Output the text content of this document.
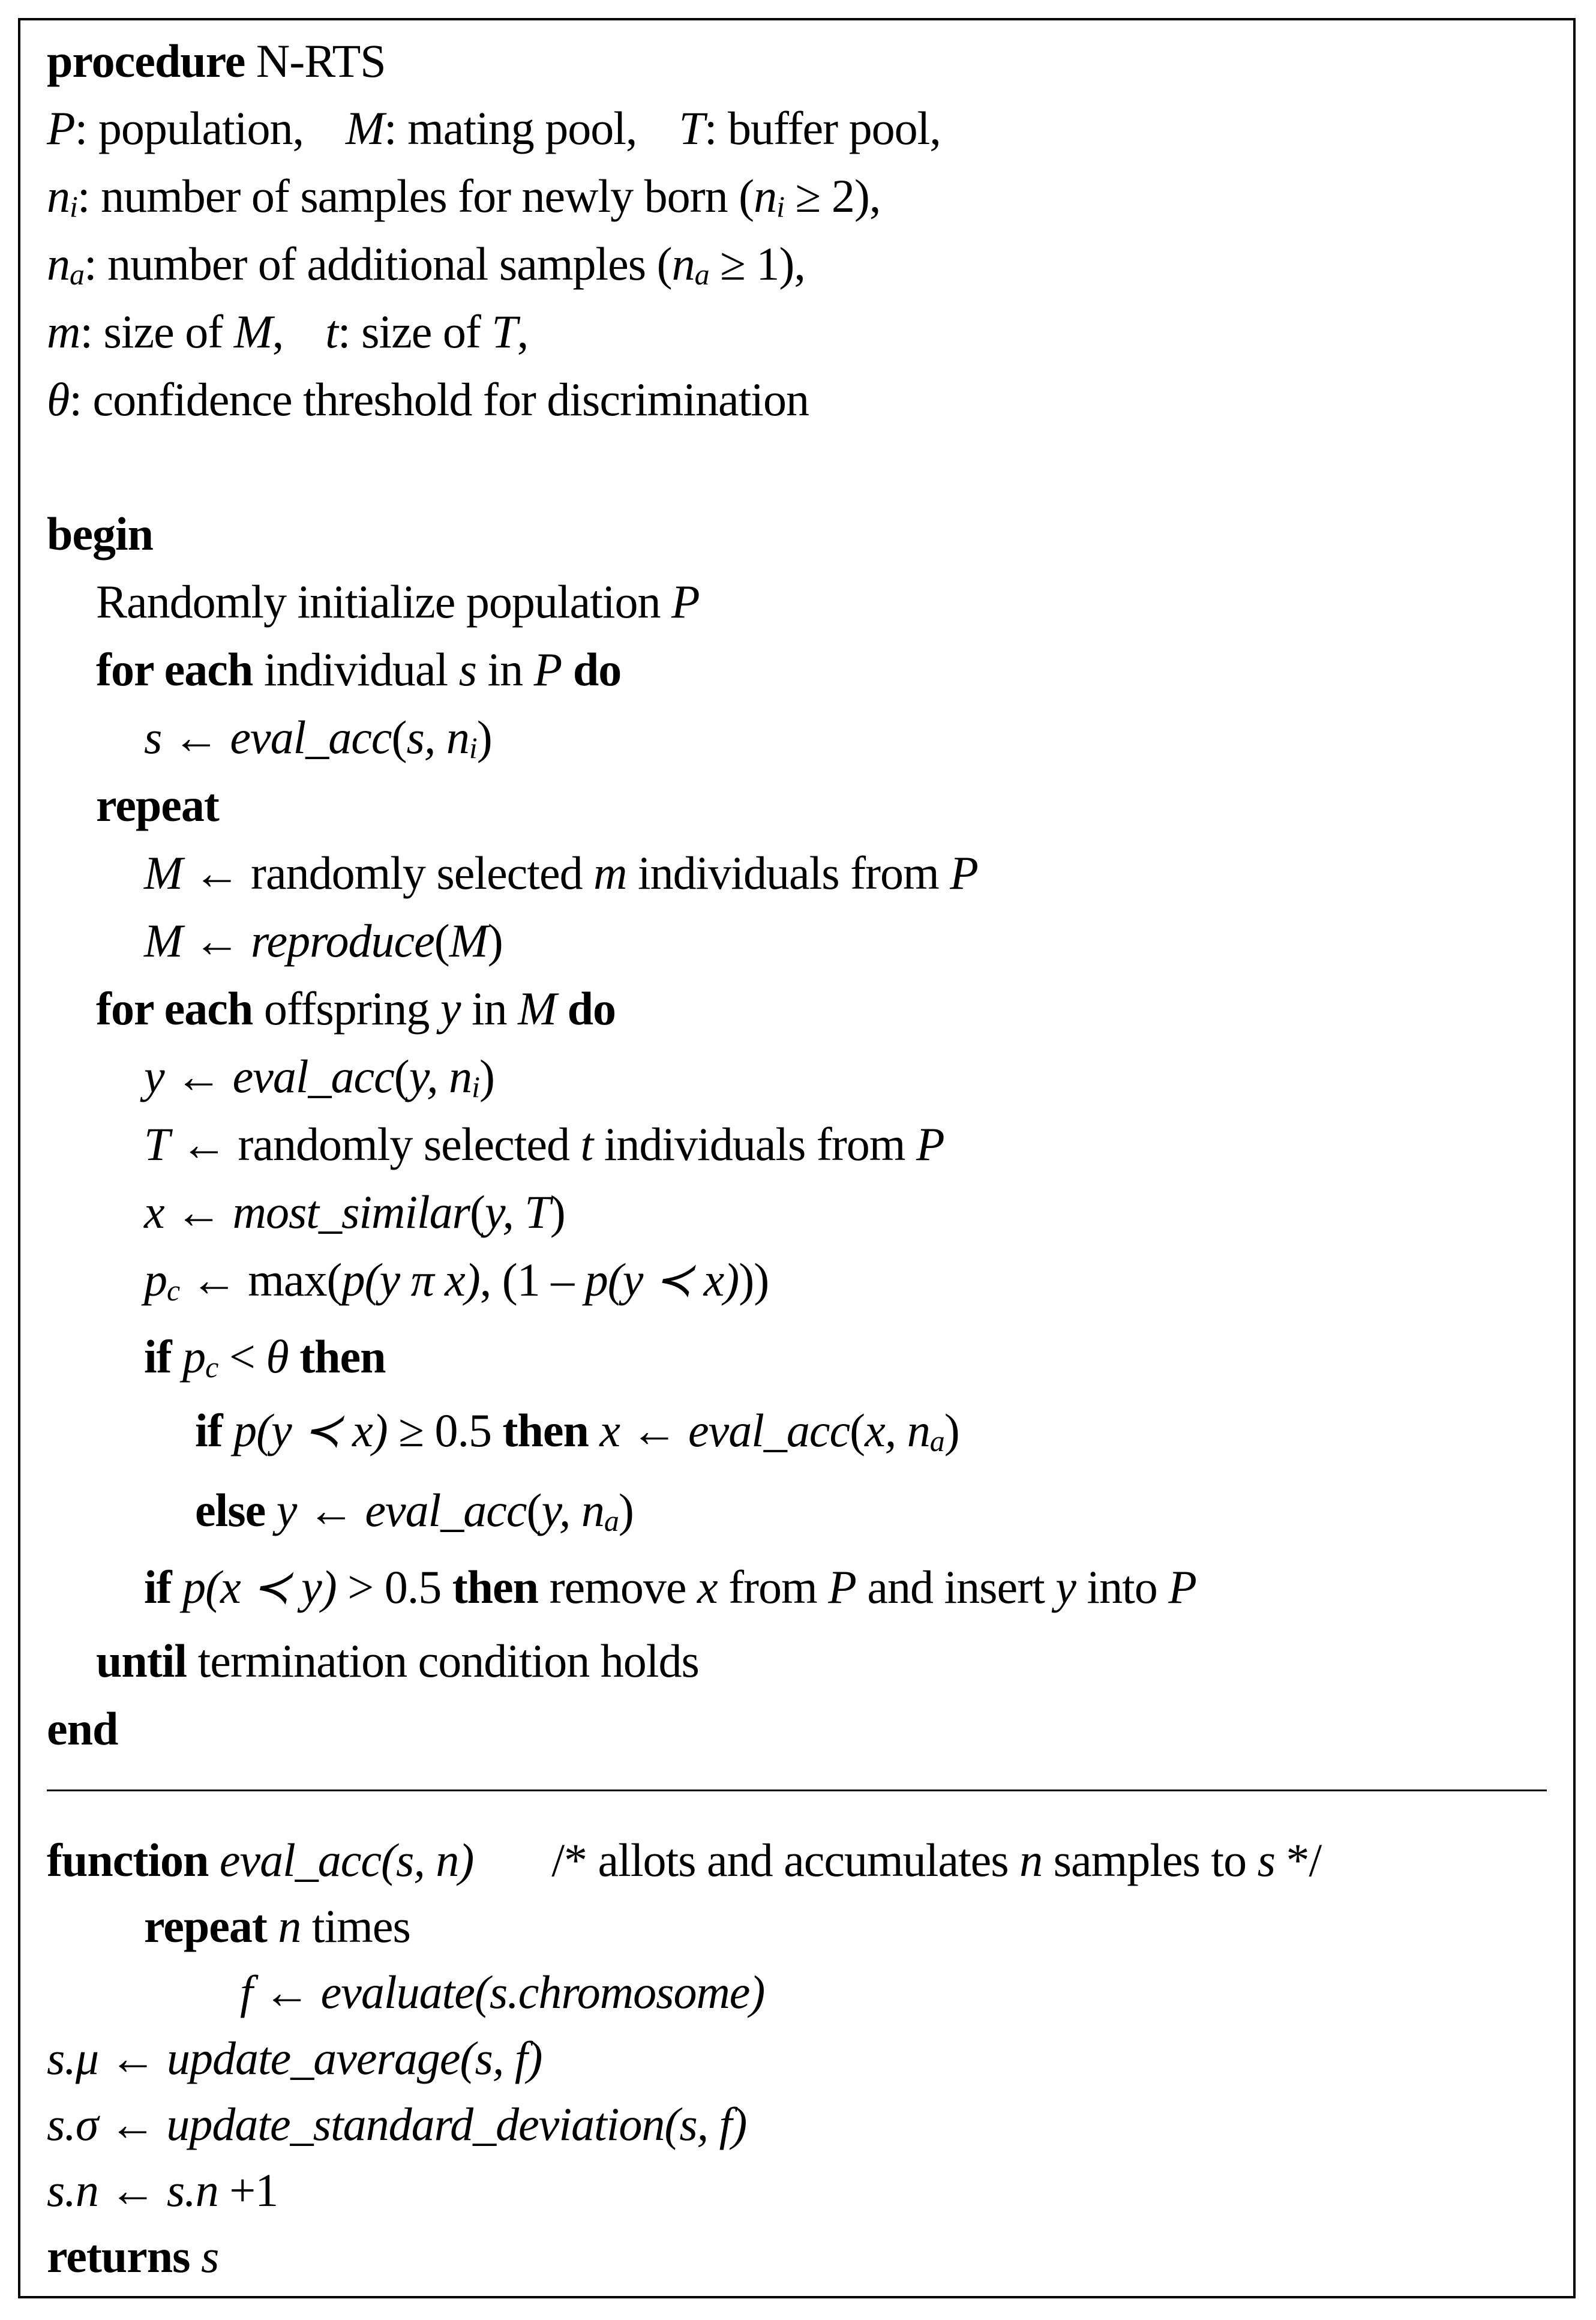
procedure N-RTS
P: population, M: mating pool, T: buffer pool,
$n_i$: number of samples for newly born $(n_i \ge 2)$,
$n_a$: number of additional samples $(n_a \ge 1)$,
m: size of M, t: size of T,
θ: confidence threshold for discrimination
begin
Randomly initialize population P
for each individual s in P do
s ← eval_acc(s, $n_i$)
repeat
M ← randomly selected m individuals from P
M ← reproduce(M)
for each offspring y in M do
y ← eval_acc(y, $n_i$)
T ← randomly selected t individuals from P
x ← most_similar(y, T)
$p_c$ ← max(p(y π x), (1 – p(y ≺ x)))
if $p_c < \theta$ then
if p(y ≺ x) ≥ 0.5 then x ← eval_acc(x, $n_a$)
else y ← eval_acc(y, $n_a$)
if p(x ≺ y) > 0.5 then remove x from P and insert y into P
until termination condition holds
end
function eval_acc(s, n) /* allots and accumulates n samples to s */
repeat n times
f ← evaluate(s.chromosome)
s.μ ← update_average(s, f)
s.σ ← update_standard_deviation(s, f)
s.n ← s.n +1
returns s
